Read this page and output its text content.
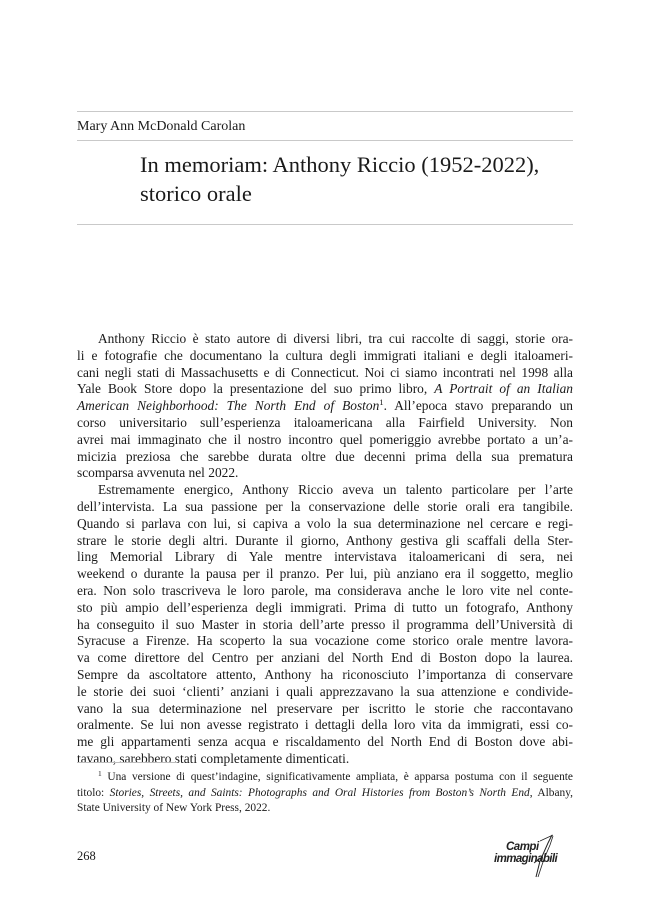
Mary Ann McDonald Carolan
In memoriam: Anthony Riccio (1952-2022),
storico orale
Anthony Riccio è stato autore di diversi libri, tra cui raccolte di saggi, storie ora-
li e fotografie che documentano la cultura degli immigrati italiani e degli italoameri-
cani negli stati di Massachusetts e di Connecticut. Noi ci siamo incontrati nel 1998 alla
Yale Book Store dopo la presentazione del suo primo libro, A Portrait of an Italian
American Neighborhood: The North End of Boston$^1$. All’epoca stavo preparando un
corso universitario sull’esperienza italoamericana alla Fairfield University. Non
avrei mai immaginato che il nostro incontro quel pomeriggio avrebbe portato a un’a-
micizia preziosa che sarebbe durata oltre due decenni prima della sua prematura
scomparsa avvenuta nel 2022.
Estremamente energico, Anthony Riccio aveva un talento particolare per l’arte
dell’intervista. La sua passione per la conservazione delle storie orali era tangibile.
Quando si parlava con lui, si capiva a volo la sua determinazione nel cercare e regi-
strare le storie degli altri. Durante il giorno, Anthony gestiva gli scaffali della Ster-
ling Memorial Library di Yale mentre intervistava italoamericani di sera, nei
weekend o durante la pausa per il pranzo. Per lui, più anziano era il soggetto, meglio
era. Non solo trascriveva le loro parole, ma considerava anche le loro vite nel conte-
sto più ampio dell’esperienza degli immigrati. Prima di tutto un fotografo, Anthony
ha conseguito il suo Master in storia dell’arte presso il programma dell’Università di
Syracuse a Firenze. Ha scoperto la sua vocazione come storico orale mentre lavora-
va come direttore del Centro per anziani del North End di Boston dopo la laurea.
Sempre da ascoltatore attento, Anthony ha riconosciuto l’importanza di conservare
le storie dei suoi ‘clienti’ anziani i quali apprezzavano la sua attenzione e condivide-
vano la sua determinazione nel preservare per iscritto le storie che raccontavano
oralmente. Se lui non avesse registrato i dettagli della loro vita da immigrati, essi co-
me gli appartamenti senza acqua e riscaldamento del North End di Boston dove abi-
tavano, sarebbero stati completamente dimenticati.
$^1$ Una versione di quest’indagine, significativamente ampliata, è apparsa postuma con il seguente
titolo: Stories, Streets, and Saints: Photographs and Oral Histories from Boston’s North End, Albany,
State University of New York Press, 2022.
268
Campi
immaginabili
